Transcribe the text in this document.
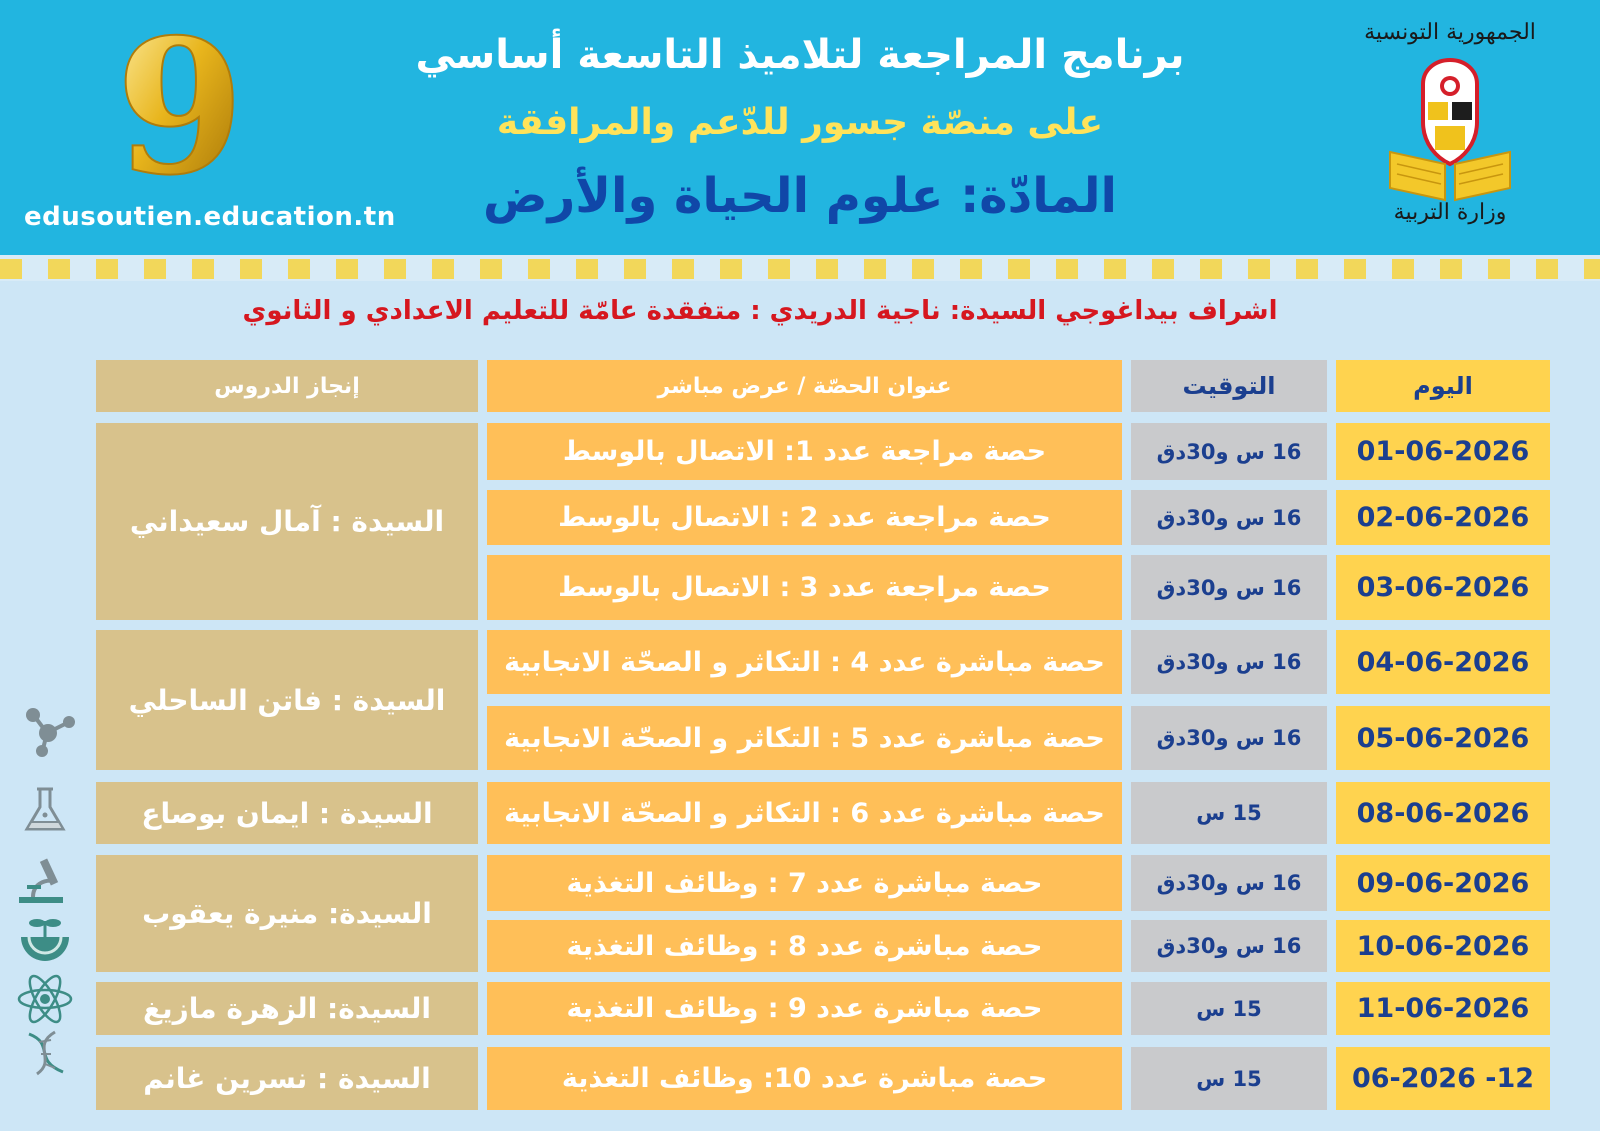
9
edusoutien.education.tn
برنامج المراجعة لتلاميذ التاسعة أساسي
على منصّة جسور للدّعم والمرافقة
المادّة: علوم الحياة والأرض
الجمهورية التونسية
وزارة التربية
اشراف بيداغوجي السيدة: ناجية الدريدي : متفقدة عامّة للتعليم الاعدادي و الثانوي
اليوم
التوقيت
عنوان الحصّة / عرض مباشر
إنجاز الدروس
01-06-2026
16 س و30دق
حصة مراجعة عدد 1: الاتصال بالوسط
02-06-2026
16 س و30دق
حصة مراجعة عدد 2 : الاتصال بالوسط
03-06-2026
16 س و30دق
حصة مراجعة عدد 3 : الاتصال بالوسط
04-06-2026
16 س و30دق
حصة مباشرة عدد 4 : التكاثر و الصحّة الانجابية
05-06-2026
16 س و30دق
حصة مباشرة عدد 5 : التكاثر و الصحّة الانجابية
08-06-2026
15 س
حصة مباشرة عدد 6 : التكاثر و الصحّة الانجابية
09-06-2026
16 س و30دق
حصة مباشرة عدد 7 : وظائف التغذية
10-06-2026
16 س و30دق
حصة مباشرة عدد 8 : وظائف التغذية
11-06-2026
15 س
حصة مباشرة عدد 9 : وظائف التغذية
12- 06-2026
15 س
حصة مباشرة عدد 10: وظائف التغذية
السيدة : آمال سعيداني
السيدة : فاتن الساحلي
السيدة : ايمان بوصاع
السيدة: منيرة يعقوب
السيدة: الزهرة مازيغ
السيدة : نسرين غانم
